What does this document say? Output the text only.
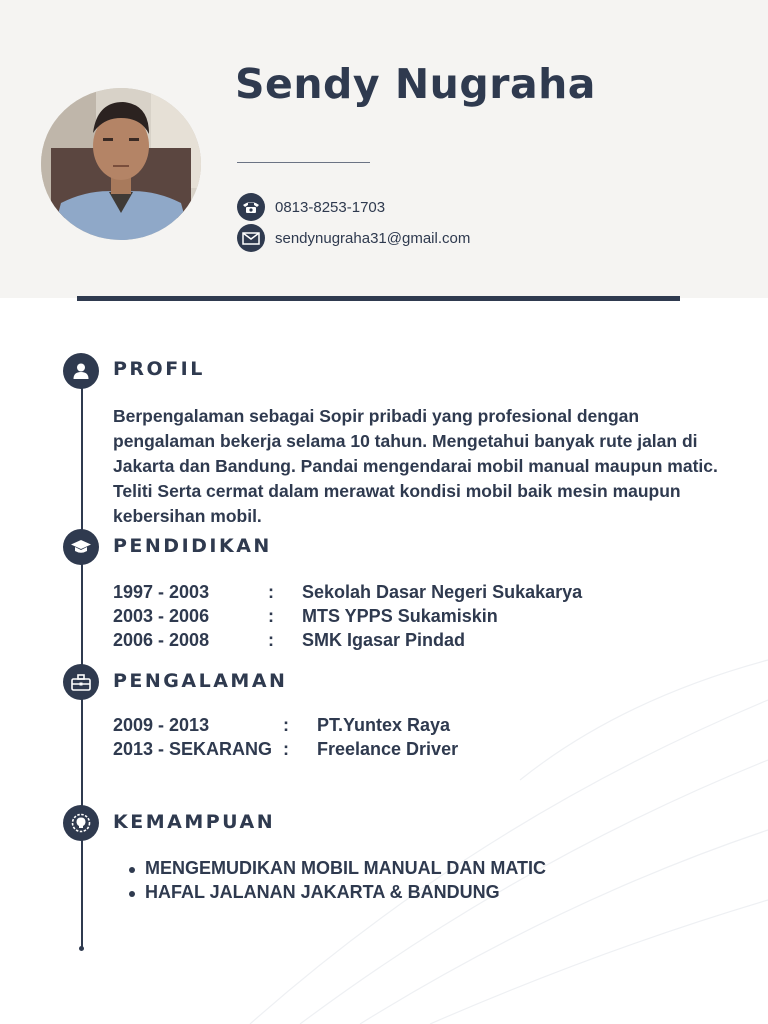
Sendy Nugraha
0813-8253-1703
sendynugraha31@gmail.com
PROFIL
Berpengalaman sebagai Sopir pribadi yang profesional dengan pengalaman bekerja selama 10 tahun. Mengetahui banyak rute jalan di Jakarta dan Bandung. Pandai mengendarai mobil manual maupun matic. Teliti Serta cermat dalam merawat kondisi mobil baik mesin maupun kebersihan mobil.
PENDIDIKAN
1997 - 2003	: Sekolah Dasar Negeri Sukakarya
2003 - 2006	: MTS YPPS Sukamiskin
2006 - 2008	: SMK Igasar Pindad
PENGALAMAN
2009 - 2013	: PT.Yuntex Raya
2013 - SEKARANG : Freelance Driver
KEMAMPUAN
MENGEMUDIKAN MOBIL MANUAL DAN MATIC
HAFAL JALANAN JAKARTA & BANDUNG
